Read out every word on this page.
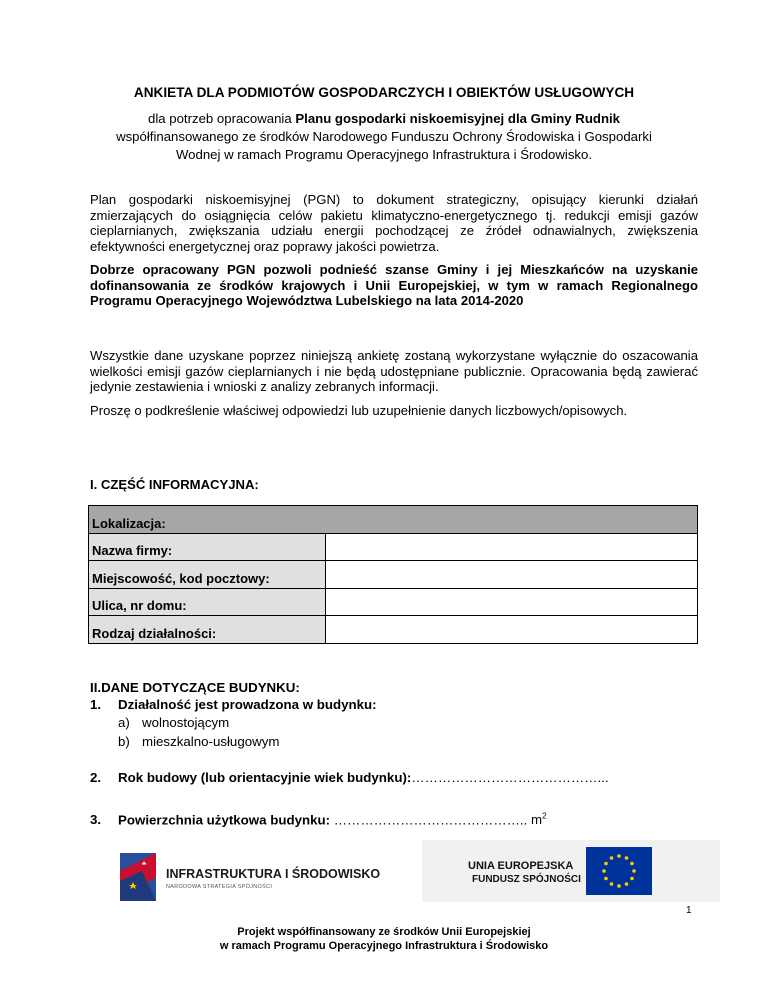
ANKIETA DLA PODMIOTÓW GOSPODARCZYCH I OBIEKTÓW USŁUGOWYCH
dla potrzeb opracowania Planu gospodarki niskoemisyjnej dla Gminy Rudnik
współfinansowanego ze środków Narodowego Funduszu Ochrony Środowiska i Gospodarki
Wodnej w ramach Programu Operacyjnego Infrastruktura i Środowisko.
Plan gospodarki niskoemisyjnej (PGN) to dokument strategiczny, opisujący kierunki działań zmierzających do osiągnięcia celów pakietu klimatyczno-energetycznego tj. redukcji emisji gazów cieplarnianych, zwiększania udziału energii pochodzącej ze źródeł odnawialnych, zwiększenia efektywności energetycznej oraz poprawy jakości powietrza.
Dobrze opracowany PGN pozwoli podnieść szanse Gminy i jej Mieszkańców na uzyskanie dofinansowania ze środków krajowych i Unii Europejskiej, w tym w ramach Regionalnego Programu Operacyjnego Województwa Lubelskiego na lata 2014-2020
Wszystkie dane uzyskane poprzez niniejszą ankietę zostaną wykorzystane wyłącznie do oszacowania wielkości emisji gazów cieplarnianych i nie będą udostępniane publicznie. Opracowania będą zawierać jedynie zestawienia i wnioski z analizy zebranych informacji.
Proszę o podkreślenie właściwej odpowiedzi lub uzupełnienie danych liczbowych/opisowych.
I. CZĘŚĆ INFORMACYJNA:
Lokalizacja:	
Nazwa firmy:	
Miejscowość, kod pocztowy:	
Ulica, nr domu:	
Rodzaj działalności:	
II.DANE DOTYCZĄCE BUDYNKU:
1. Działalność jest prowadzona w budynku:
a) wolnostojącym
b) mieszkalno-usługowym
2. Rok budowy (lub orientacyjnie wiek budynku):……………………………………...
3. Powierzchnia użytkowa budynku: …………………………………….. $m^2$
INFRASTRUKTURA I ŚRODOWISKO
NARODOWA STRATEGIA SPÓJNOŚCI
UNIA EUROPEJSKA
FUNDUSZ SPÓJNOŚCI
1
Projekt współfinansowany ze środków Unii Europejskiej
w ramach Programu Operacyjnego Infrastruktura i Środowisko
